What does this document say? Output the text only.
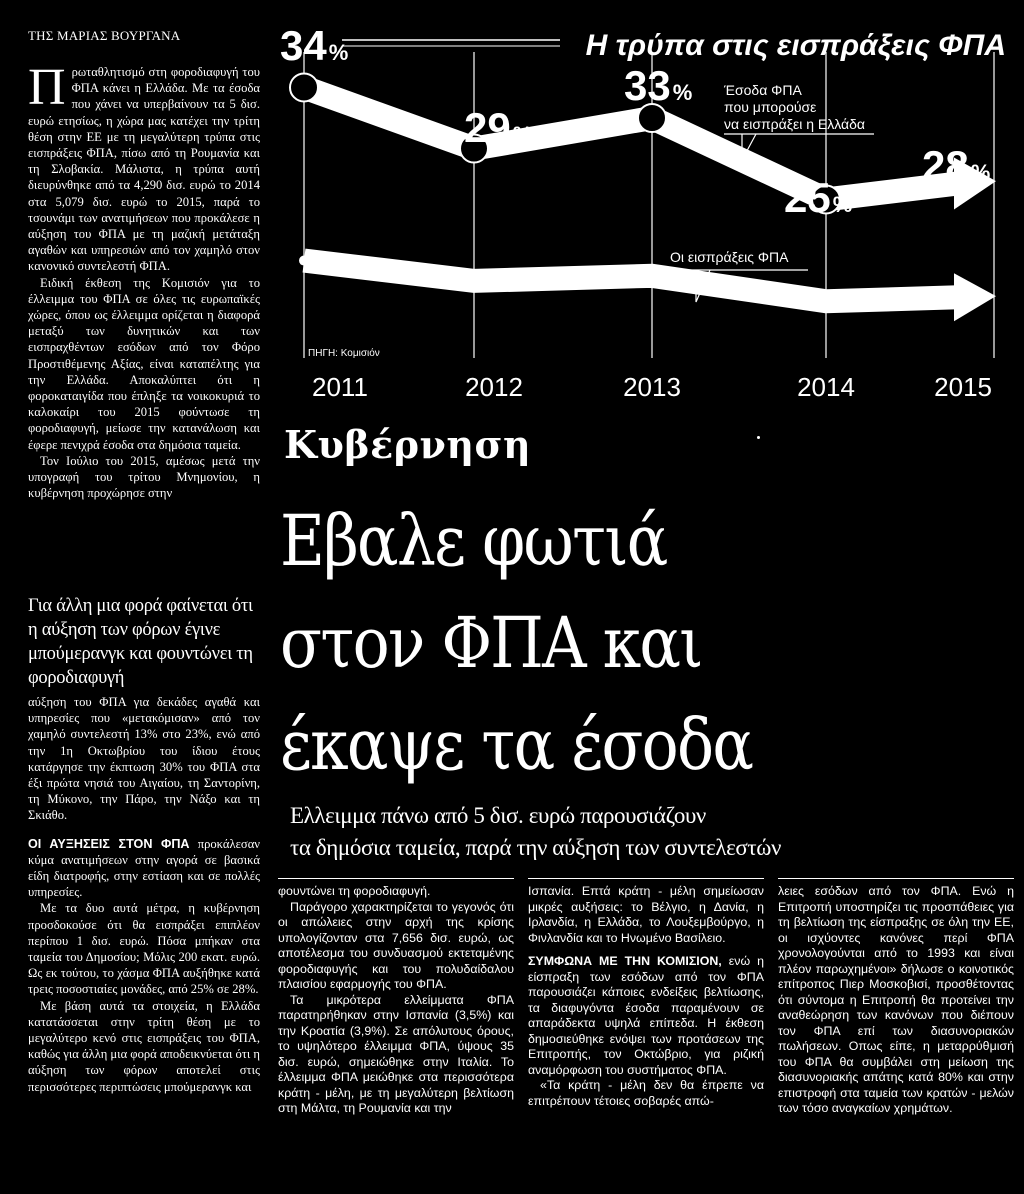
ΤΗΣ ΜΑΡΙΑΣ ΒΟΥΡΓΑΝΑ

Πρωταθλητισμό στη φοροδιαφυγή του ΦΠΑ κάνει η Ελλάδα. Με τα έσοδα που χάνει να υπερβαίνουν τα 5 δισ. ευρώ ετησίως, η χώρα μας κατέχει την τρίτη θέση στην ΕΕ με τη μεγαλύτερη τρύπα στις εισπράξεις ΦΠΑ, πίσω από τη Ρουμανία και τη Σλοβακία. Μάλιστα, η τρύπα αυτή διευρύνθηκε από τα 4,290 δισ. ευρώ το 2014 στα 5,079 δισ. ευρώ το 2015, παρά το τσουνάμι των ανατιμήσεων που προκάλεσε η αύξηση του ΦΠΑ με τη μαζική μετάταξη αγαθών και υπηρεσιών από τον χαμηλό στον κανονικό συντελεστή ΦΠΑ.

Ειδική έκθεση της Κομισιόν για το έλλειμμα του ΦΠΑ σε όλες τις ευρωπαϊκές χώρες, όπου ως έλλειμμα ορίζεται η διαφορά μεταξύ των δυνητικών και των εισπραχθέντων εσόδων από τον Φόρο Προστιθέμενης Αξίας, είναι καταπέλτης για την Ελλάδα. Αποκαλύπτει ότι η φοροκαταιγίδα που έπληξε τα νοικοκυριά το καλοκαίρι του 2015 φούντωσε τη φοροδιαφυγή, μείωσε την κατανάλωση και έφερε πενιχρά έσοδα στα δημόσια ταμεία.

Τον Ιούλιο του 2015, αμέσως μετά την υπογραφή του τρίτου Μνημονίου, η κυβέρνηση προχώρησε στην

Για άλλη μια φορά φαίνεται ότι η αύξηση των φόρων έγινε μπούμερανγκ και φουντώνει τη φοροδιαφυγή

αύξηση του ΦΠΑ για δεκάδες αγαθά και υπηρεσίες που «μετακόμισαν» από τον χαμηλό συντελεστή 13% στο 23%, ενώ από την 1η Οκτωβρίου του ίδιου έτους κατάργησε την έκπτωση 30% του ΦΠΑ στα έξι πρώτα νησιά του Αιγαίου, τη Σαντορίνη, τη Μύκονο, την Πάρο, την Νάξο και τη Σκιάθο.

ΟΙ ΑΥΞΗΣΕΙΣ ΣΤΟΝ ΦΠΑ προκάλεσαν κύμα ανατιμήσεων στην αγορά σε βασικά είδη διατροφής, στην εστίαση και σε πολλές υπηρεσίες.

Με τα δυο αυτά μέτρα, η κυβέρνηση προσδοκούσε ότι θα εισπράξει επιπλέον περίπου 1 δισ. ευρώ. Πόσα μπήκαν στα ταμεία του Δημοσίου; Μόλις 200 εκατ. ευρώ. Ως εκ τούτου, το χάσμα ΦΠΑ αυξήθηκε κατά τρεις ποσοστιαίες μονάδες, από 25% σε 28%.

Με βάση αυτά τα στοιχεία, η Ελλάδα κατατάσσεται στην τρίτη θέση με το μεγαλύτερο κενό στις εισπράξεις του ΦΠΑ, καθώς για άλλη μια φορά αποδεικνύεται ότι η αύξηση των φόρων αποτελεί στις περισσότερες περιπτώσεις μπούμερανγκ και

34%
29%
33%
25%
28%
2011	2012	2013	2014	2015
Η τρύπα στις εισπράξεις ΦΠΑ
Έσοδα ΦΠΑ
που μπορούσε
να εισπράξει η Ελλάδα
Οι εισπράξεις ΦΠΑ
ΠΗΓΗ: Κομισιόν
Κυβέρνηση
Εβαλε φωτιά
στον ΦΠΑ και
έκαψε τα έσοδα
Ελλειμμα πάνω από 5 δισ. ευρώ παρουσιάζουν
τα δημόσια ταμεία, παρά την αύξηση των συντελεστών

φουντώνει τη φοροδιαφυγή.

Παράγορο χαρακτηρίζεται το γεγονός ότι οι απώλειες στην αρχή της κρίσης υπολογίζονταν στα 7,656 δισ. ευρώ, ως αποτέλεσμα του συνδυασμού εκτεταμένης φοροδιαφυγής και του πολυδαίδαλου πλαισίου εφαρμογής του ΦΠΑ.

Τα μικρότερα ελλείμματα ΦΠΑ παρατηρήθηκαν στην Ισπανία (3,5%) και την Κροατία (3,9%). Σε απόλυτους όρους, το υψηλότερο έλλειμμα ΦΠΑ, ύψους 35 δισ. ευρώ, σημειώθηκε στην Ιταλία. Το έλλειμμα ΦΠΑ μειώθηκε στα περισσότερα κράτη - μέλη, με τη μεγαλύτερη βελτίωση στη Μάλτα, τη Ρουμανία και την

Ισπανία. Επτά κράτη - μέλη σημείωσαν μικρές αυξήσεις: το Βέλγιο, η Δανία, η Ιρλανδία, η Ελλάδα, το Λουξεμβούργο, η Φινλανδία και το Ηνωμένο Βασίλειο.

ΣΥΜΦΩΝΑ ΜΕ ΤΗΝ ΚΟΜΙΣΙΟΝ, ενώ η είσπραξη των εσόδων από τον ΦΠΑ παρουσιάζει κάποιες ενδείξεις βελτίωσης, τα διαφυγόντα έσοδα παραμένουν σε απαράδεκτα υψηλά επίπεδα. Η έκθεση δημοσιεύθηκε ενόψει των προτάσεων της Επιτροπής, τον Οκτώβριο, για ριζική αναμόρφωση του συστήματος ΦΠΑ.

«Τα κράτη - μέλη δεν θα έπρεπε να επιτρέπουν τέτοιες σοβαρές απώ-

λειες εσόδων από τον ΦΠΑ. Ενώ η Επιτροπή υποστηρίζει τις προσπάθειες για τη βελτίωση της είσπραξης σε όλη την ΕΕ, οι ισχύοντες κανόνες περί ΦΠΑ χρονολογούνται από το 1993 και είναι πλέον παρωχημένοι» δήλωσε ο κοινοτικός επίτροπος Πιερ Μοσκοβισί, προσθέτοντας ότι σύντομα η Επιτροπή θα προτείνει την αναθεώρηση των κανόνων που διέπουν τον ΦΠΑ επί των διασυνοριακών πωλήσεων. Οπως είπε, η μεταρρύθμισή του ΦΠΑ θα συμβάλει στη μείωση της διασυνοριακής απάτης κατά 80% και στην επιστροφή στα ταμεία των κρατών - μελών των τόσο αναγκαίων χρημάτων.
